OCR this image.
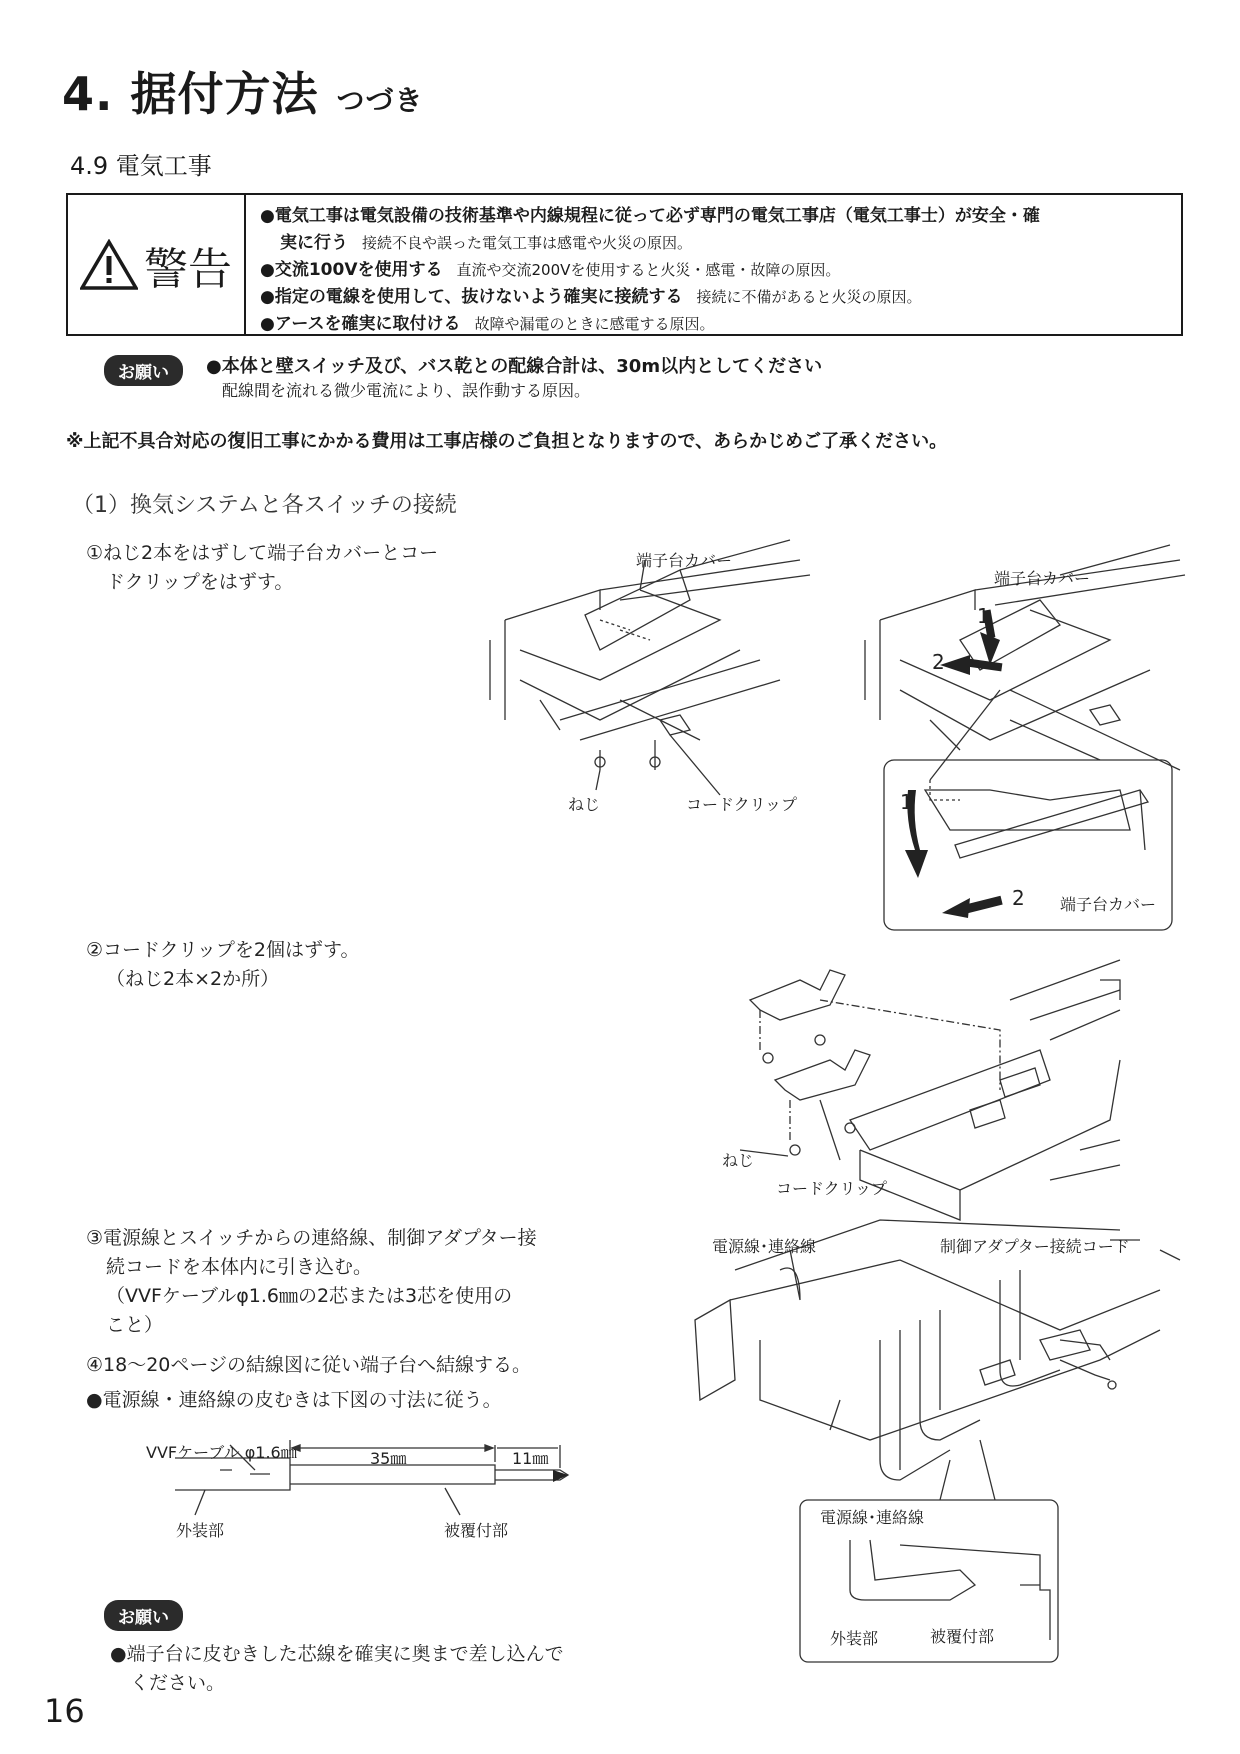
4. 据付方法 つづき
4.9 電気工事
警告
●電気工事は電気設備の技術基準や内線規程に従って必ず専門の電気工事店（電気工事士）が安全・確
実に行う 接続不良や誤った電気工事は感電や火災の原因。
●交流100Vを使用する 直流や交流200Vを使用すると火災・感電・故障の原因。
●指定の電線を使用して、抜けないよう確実に接続する 接続に不備があると火災の原因。
●アースを確実に取付ける 故障や漏電のときに感電する原因。
お願い	●本体と壁スイッチ及び、バス乾との配線合計は、30m以内としてください
配線間を流れる微少電流により、誤作動する原因。
※上記不具合対応の復旧工事にかかる費用は工事店様のご負担となりますので、あらかじめご了承ください。
（1）換気システムと各スイッチの接続
①ねじ2本をはずして端子台カバーとコー
ドクリップをはずす。
②コードクリップを2個はずす。
（ねじ2本×2か所）
③電源線とスイッチからの連絡線、制御アダプター接
続コードを本体内に引き込む。
（VVFケーブルφ1.6㎜の2芯または3芯を使用の
こと）
④18～20ページの結線図に従い端子台へ結線する。
●電源線・連絡線の皮むきは下図の寸法に従う。
端子台カバー
ねじ	コードクリップ
端子台カバー
1
2
1
2 端子台カバー
ねじ
コードクリップ
電源線･連絡線	制御アダプター接続コード
電源線･連絡線
外装部	被覆付部
VVFケーブル φ1.6㎜	35㎜	11㎜
外装部	被覆付部
お願い
●端子台に皮むきした芯線を確実に奥まで差し込んで
ください。
16
